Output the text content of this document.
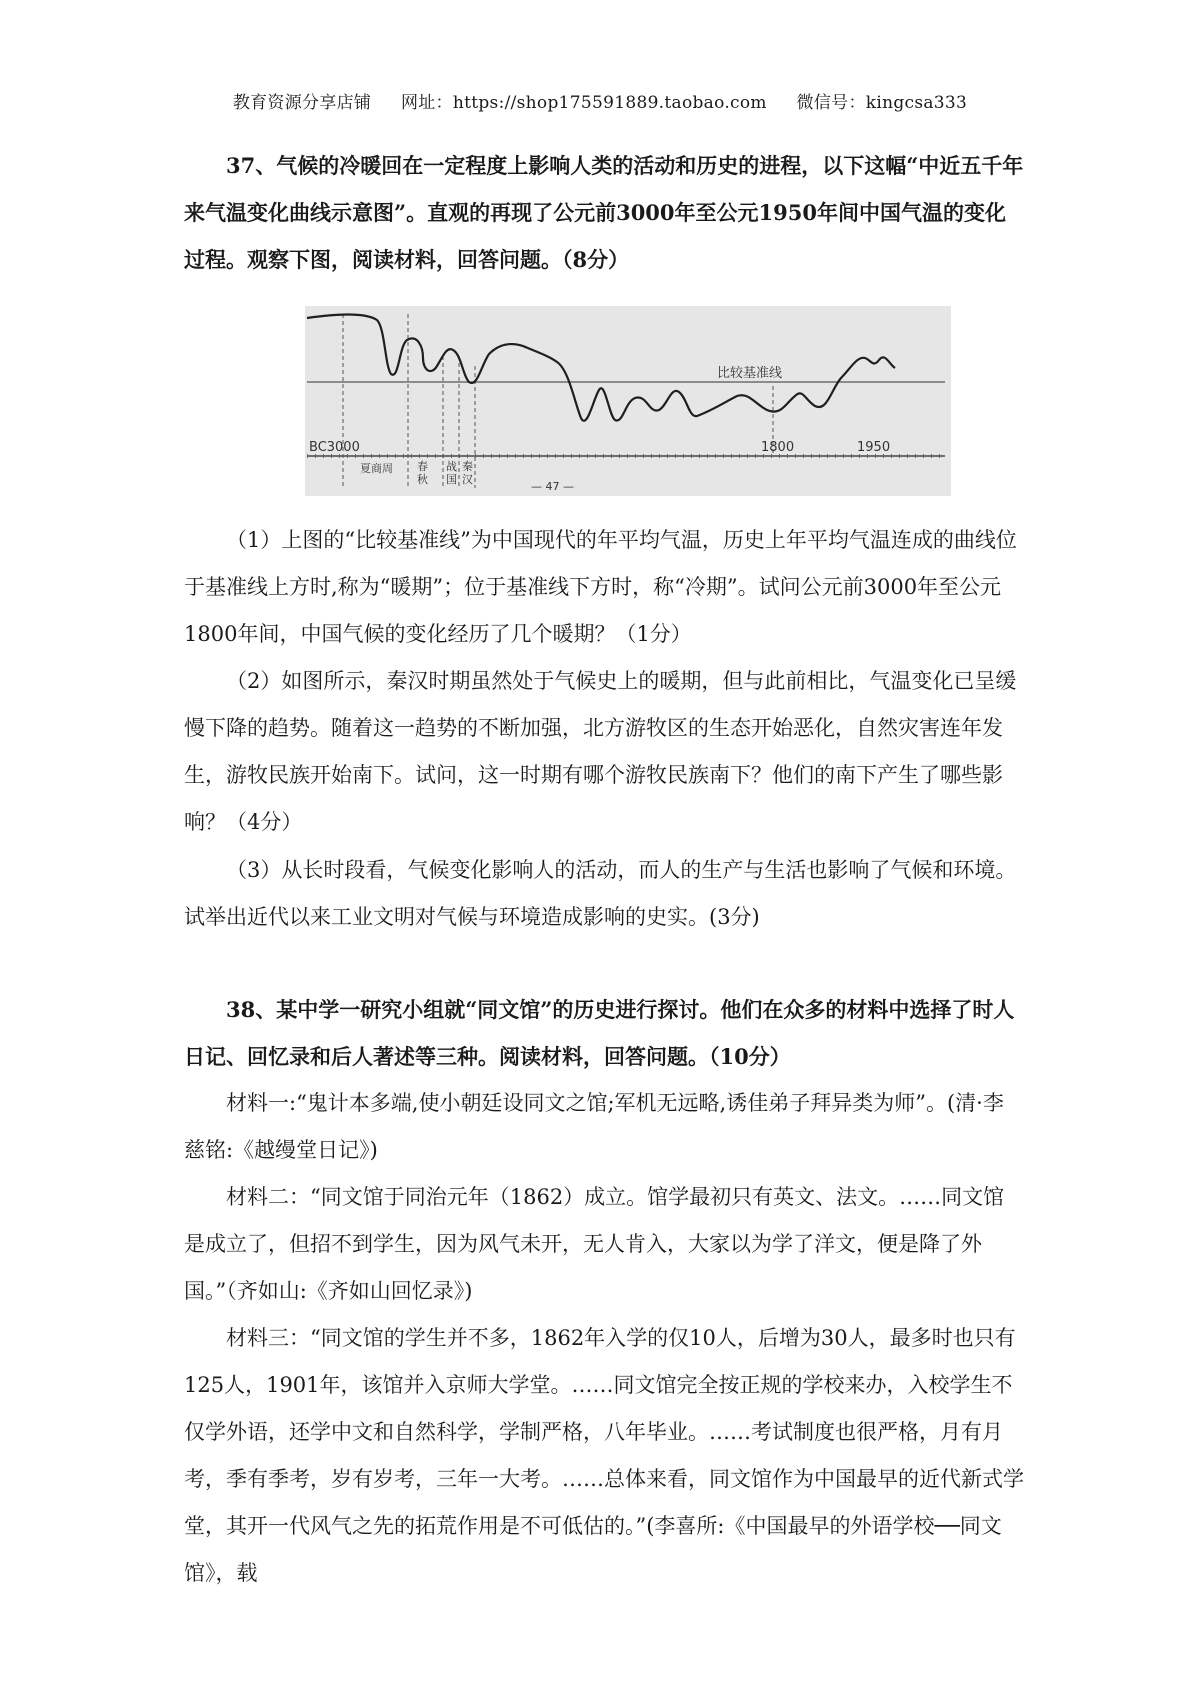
教育资源分享店铺 网址：https://shop175591889.taobao.com 微信号：kingcsa333

37、气候的冷暖回在一定程度上影响人类的活动和历史的进程，以下这幅“中近五千年来气温变化曲线示意图”。直观的再现了公元前3000年至公元1950年间中国气温的变化过程。观察下图，阅读材料，回答问题。（8分）

比较基准线
BC3000	1800	1950
夏商周 春
秋
战
国
秦
汉
— 47 —

（1）上图的“比较基准线”为中国现代的年平均气温，历史上年平均气温连成的曲线位于基准线上方时,称为“暖期”；位于基准线下方时，称“冷期”。试问公元前3000年至公元1800年间，中国气候的变化经历了几个暖期？（1分）

（2）如图所示，秦汉时期虽然处于气候史上的暖期，但与此前相比，气温变化已呈缓慢下降的趋势。随着这一趋势的不断加强，北方游牧区的生态开始恶化，自然灾害连年发生，游牧民族开始南下。试问，这一时期有哪个游牧民族南下？他们的南下产生了哪些影响？（4分）

（3）从长时段看，气候变化影响人的活动，而人的生产与生活也影响了气候和环境。试举出近代以来工业文明对气候与环境造成影响的史实。(3分)

38、某中学一研究小组就“同文馆”的历史进行探讨。他们在众多的材料中选择了时人日记、回忆录和后人著述等三种。阅读材料，回答问题。（10分）

材料一:“鬼计本多端,使小朝廷设同文之馆;军机无远略,诱佳弟子拜异类为师”。(清·李慈铭:《越缦堂日记》)

材料二：“同文馆于同治元年（1862）成立。馆学最初只有英文、法文。……同文馆是成立了，但招不到学生，因为风气未开，无人肯入，大家以为学了洋文，便是降了外国。”（齐如山:《齐如山回忆录》)

材料三：“同文馆的学生并不多，1862年入学的仅10人，后增为30人，最多时也只有125人，1901年，该馆并入京师大学堂。……同文馆完全按正规的学校来办，入校学生不仅学外语，还学中文和自然科学，学制严格，八年毕业。……考试制度也很严格，月有月考，季有季考，岁有岁考，三年一大考。……总体来看，同文馆作为中国最早的近代新式学堂，其开一代风气之先的拓荒作用是不可低估的。”(李喜所:《中国最早的外语学校──同文馆》，载
